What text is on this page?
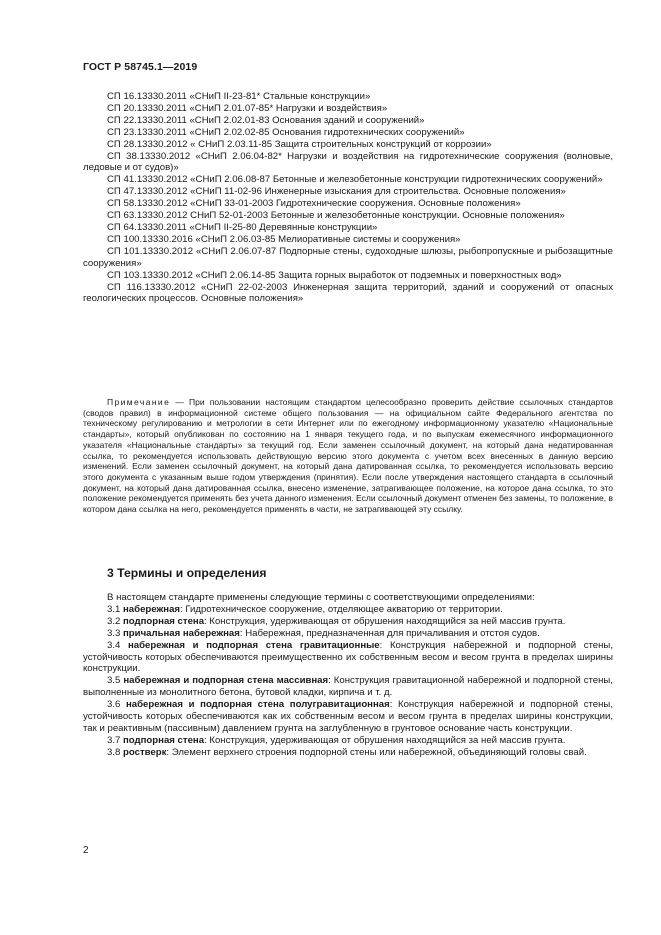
ГОСТ Р 58745.1—2019

СП 16.13330.2011 «СНиП II-23-81* Стальные конструкции»

СП 20.13330.2011 «СНиП 2.01.07-85* Нагрузки и воздействия»

СП 22.13330.2011 «СНиП 2.02.01-83 Основания зданий и сооружений»

СП 23.13330.2011 «СНиП 2.02.02-85 Основания гидротехнических сооружений»

СП 28.13330.2012 « СНиП 2.03.11-85 Защита строительных конструкций от коррозии»

СП 38.13330.2012 «СНиП 2.06.04-82* Нагрузки и воздействия на гидротехнические сооружения (волновые, ледовые и от судов)»

СП 41.13330.2012 «СНиП 2.06.08-87 Бетонные и железобетонные конструкции гидротехнических сооружений»

СП 47.13330.2012 «СНиП 11-02-96 Инженерные изыскания для строительства. Основные положения»

СП 58.13330.2012 «СНиП 33-01-2003 Гидротехнические сооружения. Основные положения»

СП 63.13330.2012 СНиП 52-01-2003 Бетонные и железобетонные конструкции. Основные положения»

СП 64.13330.2011 «СНиП II-25-80 Деревянные конструкции»

СП 100.13330.2016 «СНиП 2.06.03-85 Мелиоративные системы и сооружения»

СП 101.13330.2012 «СНиП 2.06.07-87 Подпорные стены, судоходные шлюзы, рыбопропускные и рыбозащитные сооружения»

СП 103.13330.2012 «СНиП 2.06.14-85 Защита горных выработок от подземных и поверхностных вод»

СП 116.13330.2012 «СНиП 22-02-2003 Инженерная защита территорий, зданий и сооружений от опасных геологических процессов. Основные положения»

Примечание — При пользовании настоящим стандартом целесообразно проверить действие ссылочных стандартов (сводов правил) в информационной системе общего пользования — на официальном сайте Федерального агентства по техническому регулированию и метрологии в сети Интернет или по ежегодному информационному указателю «Национальные стандарты», который опубликован по состоянию на 1 января текущего года, и по выпускам ежемесячного информационного указателя «Национальные стандарты» за текущий год. Если заменен ссылочный документ, на который дана недатированная ссылка, то рекомендуется использовать действующую версию этого документа с учетом всех внесенных в данную версию изменений. Если заменен ссылочный документ, на который дана датированная ссылка, то рекомендуется использовать версию этого документа с указанным выше годом утверждения (принятия). Если после утверждения настоящего стандарта в ссылочный документ, на который дана датированная ссылка, внесено изменение, затрагивающее положение, на которое дана ссылка, то это положение рекомендуется применять без учета данного изменения. Если ссылочный документ отменен без замены, то положение, в котором дана ссылка на него, рекомендуется применять в части, не затрагивающей эту ссылку.

3 Термины и определения

В настоящем стандарте применены следующие термины с соответствующими определениями:

3.1 набережная: Гидротехническое сооружение, отделяющее акваторию от территории.

3.2 подпорная стена: Конструкция, удерживающая от обрушения находящийся за ней массив грунта.

3.3 причальная набережная: Набережная, предназначенная для причаливания и отстоя судов.

3.4 набережная и подпорная стена гравитационные: Конструкция набережной и подпорной стены, устойчивость которых обеспечиваются преимущественно их собственным весом и весом грунта в пределах ширины конструкции.

3.5 набережная и подпорная стена массивная: Конструкция гравитационной набережной и подпорной стены, выполненные из монолитного бетона, бутовой кладки, кирпича и т. д.

3.6 набережная и подпорная стена полугравитационная: Конструкция набережной и подпорной стены, устойчивость которых обеспечиваются как их собственным весом и весом грунта в пределах ширины конструкции, так и реактивным (пассивным) давлением грунта на заглубленную в грунтовое основание часть конструкции.

3.7 подпорная стена: Конструкция, удерживающая от обрушения находящийся за ней массив грунта.

3.8 ростверк: Элемент верхнего строения подпорной стены или набережной, объединяющий головы свай.

2
